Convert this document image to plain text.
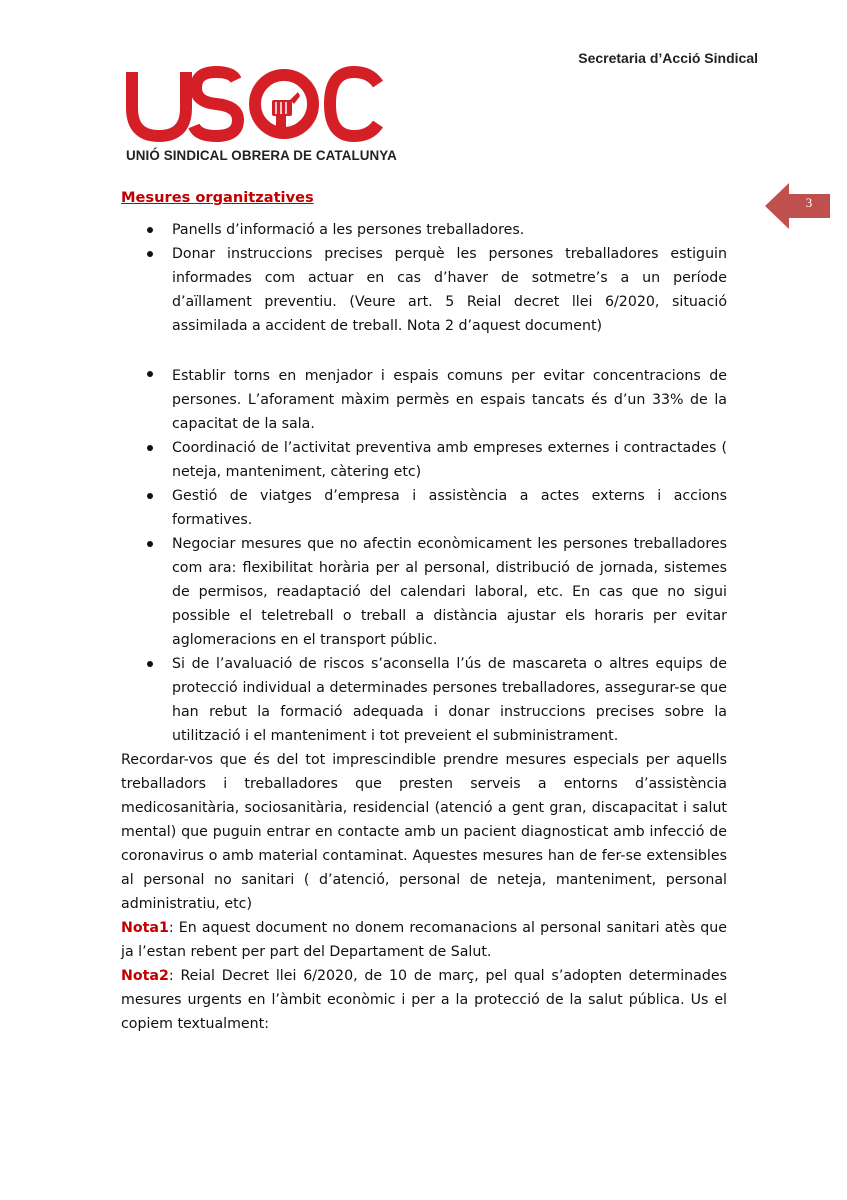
Secretaria d’Acció Sindical
UNIÓ SINDICAL OBRERA DE CATALUNYA
3
Mesures organitzatives
Panells d’informació a les persones treballadores.
Donar instruccions precises perquè les persones treballadores estiguin informades com actuar en cas d’haver de sotmetre’s a un període d’aïllament preventiu. (Veure art. 5 Reial decret llei 6/2020, situació assimilada a accident de treball. Nota 2 d’aquest document)
Establir torns en menjador i espais comuns per evitar concentracions de persones. L’aforament màxim permès en espais tancats és d’un 33% de la capacitat de la sala.
Coordinació de l’activitat preventiva amb empreses externes i contractades ( neteja, manteniment, càtering etc)
Gestió de viatges d’empresa i assistència a actes externs i accions formatives.
Negociar mesures que no afectin econòmicament les persones treballadores com ara: flexibilitat horària per al personal, distribució de jornada, sistemes de permisos, readaptació del calendari laboral, etc. En cas que no sigui possible el teletreball o treball a distància ajustar els horaris per evitar aglomeracions en el transport públic.
Si de l’avaluació de riscos s’aconsella l’ús de mascareta o altres equips de protecció individual a determinades persones treballadores, assegurar-se que han rebut la formació adequada i donar instruccions precises sobre la utilització i el manteniment i tot preveient el subministrament.

Recordar-vos que és del tot imprescindible prendre mesures especials per aquells treballadors i treballadores que presten serveis a entorns d’assistència medicosanitària, sociosanitària, residencial (atenció a gent gran, discapacitat i salut mental) que puguin entrar en contacte amb un pacient diagnosticat amb infecció de coronavirus o amb material contaminat. Aquestes mesures han de fer-se extensibles al personal no sanitari ( d’atenció, personal de neteja, manteniment, personal administratiu, etc)

Nota1: En aquest document no donem recomanacions al personal sanitari atès que ja l’estan rebent per part del Departament de Salut.

Nota2: Reial Decret llei 6/2020, de 10 de març, pel qual s’adopten determinades mesures urgents en l’àmbit econòmic i per a la protecció de la salut pública. Us el copiem textualment:
